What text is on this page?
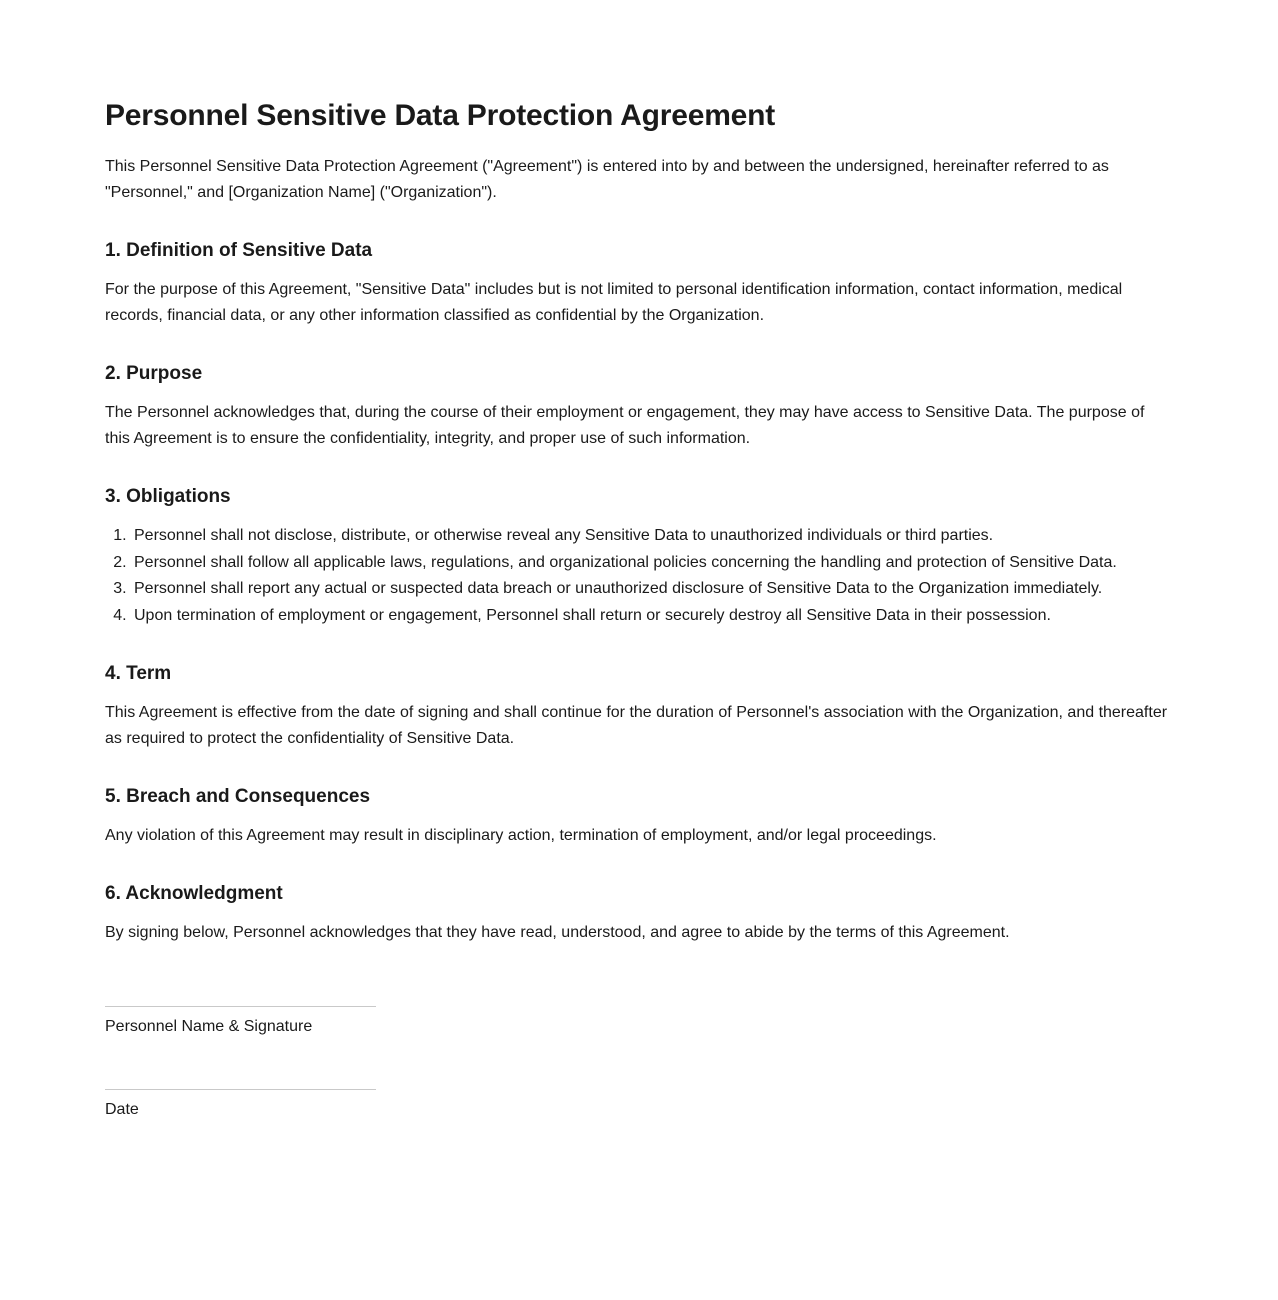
Personnel Sensitive Data Protection Agreement

This Personnel Sensitive Data Protection Agreement ("Agreement") is entered into by and between the undersigned, hereinafter referred to as "Personnel," and [Organization Name] ("Organization").

1. Definition of Sensitive Data

For the purpose of this Agreement, "Sensitive Data" includes but is not limited to personal identification information, contact information, medical records, financial data, or any other information classified as confidential by the Organization.

2. Purpose

The Personnel acknowledges that, during the course of their employment or engagement, they may have access to Sensitive Data. The purpose of this Agreement is to ensure the confidentiality, integrity, and proper use of such information.

3. Obligations
1. Personnel shall not disclose, distribute, or otherwise reveal any Sensitive Data to unauthorized individuals or third parties.
2. Personnel shall follow all applicable laws, regulations, and organizational policies concerning the handling and protection of Sensitive Data.
3. Personnel shall report any actual or suspected data breach or unauthorized disclosure of Sensitive Data to the Organization immediately.
4. Upon termination of employment or engagement, Personnel shall return or securely destroy all Sensitive Data in their possession.
4. Term

This Agreement is effective from the date of signing and shall continue for the duration of Personnel's association with the Organization, and thereafter as required to protect the confidentiality of Sensitive Data.

5. Breach and Consequences

Any violation of this Agreement may result in disciplinary action, termination of employment, and/or legal proceedings.

6. Acknowledgment

By signing below, Personnel acknowledges that they have read, understood, and agree to abide by the terms of this Agreement.

Personnel Name & Signature
Date
